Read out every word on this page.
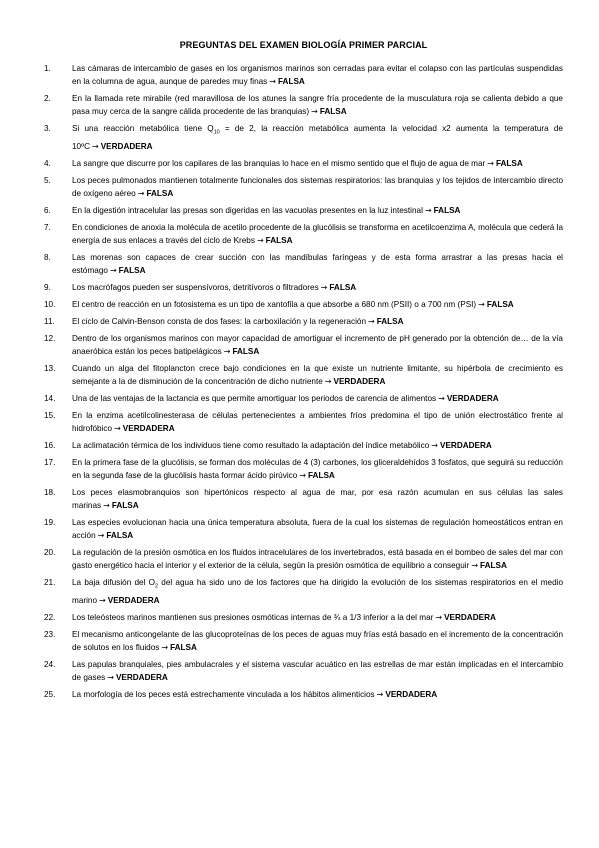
PREGUNTAS DEL EXAMEN BIOLOGÍA PRIMER PARCIAL
1.	Las cámaras de intercambio de gases en los organismos marinos son cerradas para evitar el colapso con las partículas suspendidas en la columna de agua, aunque de paredes muy finas → FALSA
2.	En la llamada rete mirabile (red maravillosa de los atunes la sangre fría procedente de la musculatura roja se calienta debido a que pasa muy cerca de la sangre cálida procedente de las branquias) → FALSA
3.	Si una reacción metabólica tiene $Q_{10}$ = de 2, la reacción metabólica aumenta la velocidad x2 aumenta la temperatura de 10ºC → VERDADERA
4.	La sangre que discurre por los capilares de las branquias lo hace en el mismo sentido que el flujo de agua de mar → FALSA
5.	Los peces pulmonados mantienen totalmente funcionales dos sistemas respiratorios: las branquias y los tejidos de intercambio directo de oxígeno aéreo → FALSA
6.	En la digestión intracelular las presas son digeridas en las vacuolas presentes en la luz intestinal → FALSA
7.	En condiciones de anoxia la molécula de acetilo procedente de la glucólisis se transforma en acetilcoenzima A, molécula que cederá la energía de sus enlaces a través del ciclo de Krebs → FALSA
8.	Las morenas son capaces de crear succión con las mandíbulas faríngeas y de esta forma arrastrar a las presas hacia el estómago → FALSA
9.	Los macrófagos pueden ser suspensívoros, detritívoros o filtradores → FALSA
10.	El centro de reacción en un fotosistema es un tipo de xantofila a que absorbe a 680 nm (PSII) o a 700 nm (PSI) → FALSA
11.	El ciclo de Calvin-Benson consta de dos fases: la carboxilación y la regeneración → FALSA
12.	Dentro de los organismos marinos con mayor capacidad de amortiguar el incremento de pH generado por la obtención de… de la vía anaeróbica están los peces batipelágicos → FALSA
13.	Cuando un alga del fitoplancton crece bajo condiciones en la que existe un nutriente limitante, su hipérbola de crecimiento es semejante a la de disminución de la concentración de dicho nutriente → VERDADERA
14.	Una de las ventajas de la lactancia es que permite amortiguar los periodos de carencia de alimentos → VERDADERA
15.	En la enzima acetilcolinesterasa de células pertenecientes a ambientes fríos predomina el tipo de unión electrostático frente al hidrofóbico → VERDADERA
16.	La aclimatación térmica de los individuos tiene como resultado la adaptación del índice metabólico → VERDADERA
17.	En la primera fase de la glucólisis, se forman dos moléculas de 4 (3) carbones, los gliceraldehídos 3 fosfatos, que seguirá su reducción en la segunda fase de la glucólisis hasta formar ácido pirúvico → FALSA
18.	Los peces elasmobranquios son hipertónicos respecto al agua de mar, por esa razón acumulan en sus células las sales marinas → FALSA
19.	Las especies evolucionan hacia una única temperatura absoluta, fuera de la cual los sistemas de regulación homeostáticos entran en acción → FALSA
20.	La regulación de la presión osmótica en los fluidos intracelulares de los invertebrados, está basada en el bombeo de sales del mar con gasto energético hacia el interior y el exterior de la célula, según la presión osmótica de equilibrio a conseguir → FALSA
21.	La baja difusión del $O_2$ del agua ha sido uno de los factores que ha dirigido la evolución de los sistemas respiratorios en el medio marino → VERDADERA
22.	Los teleósteos marinos mantienen sus presiones osmóticas internas de ¾ a 1/3 inferior a la del mar → VERDADERA
23.	El mecanismo anticongelante de las glucoproteínas de los peces de aguas muy frías está basado en el incremento de la concentración de solutos en los fluidos → FALSA
24.	Las papulas branquiales, pies ambulacrales y el sistema vascular acuático en las estrellas de mar están implicadas en el intercambio de gases → VERDADERA
25.	La morfología de los peces está estrechamente vinculada a los hábitos alimenticios → VERDADERA
